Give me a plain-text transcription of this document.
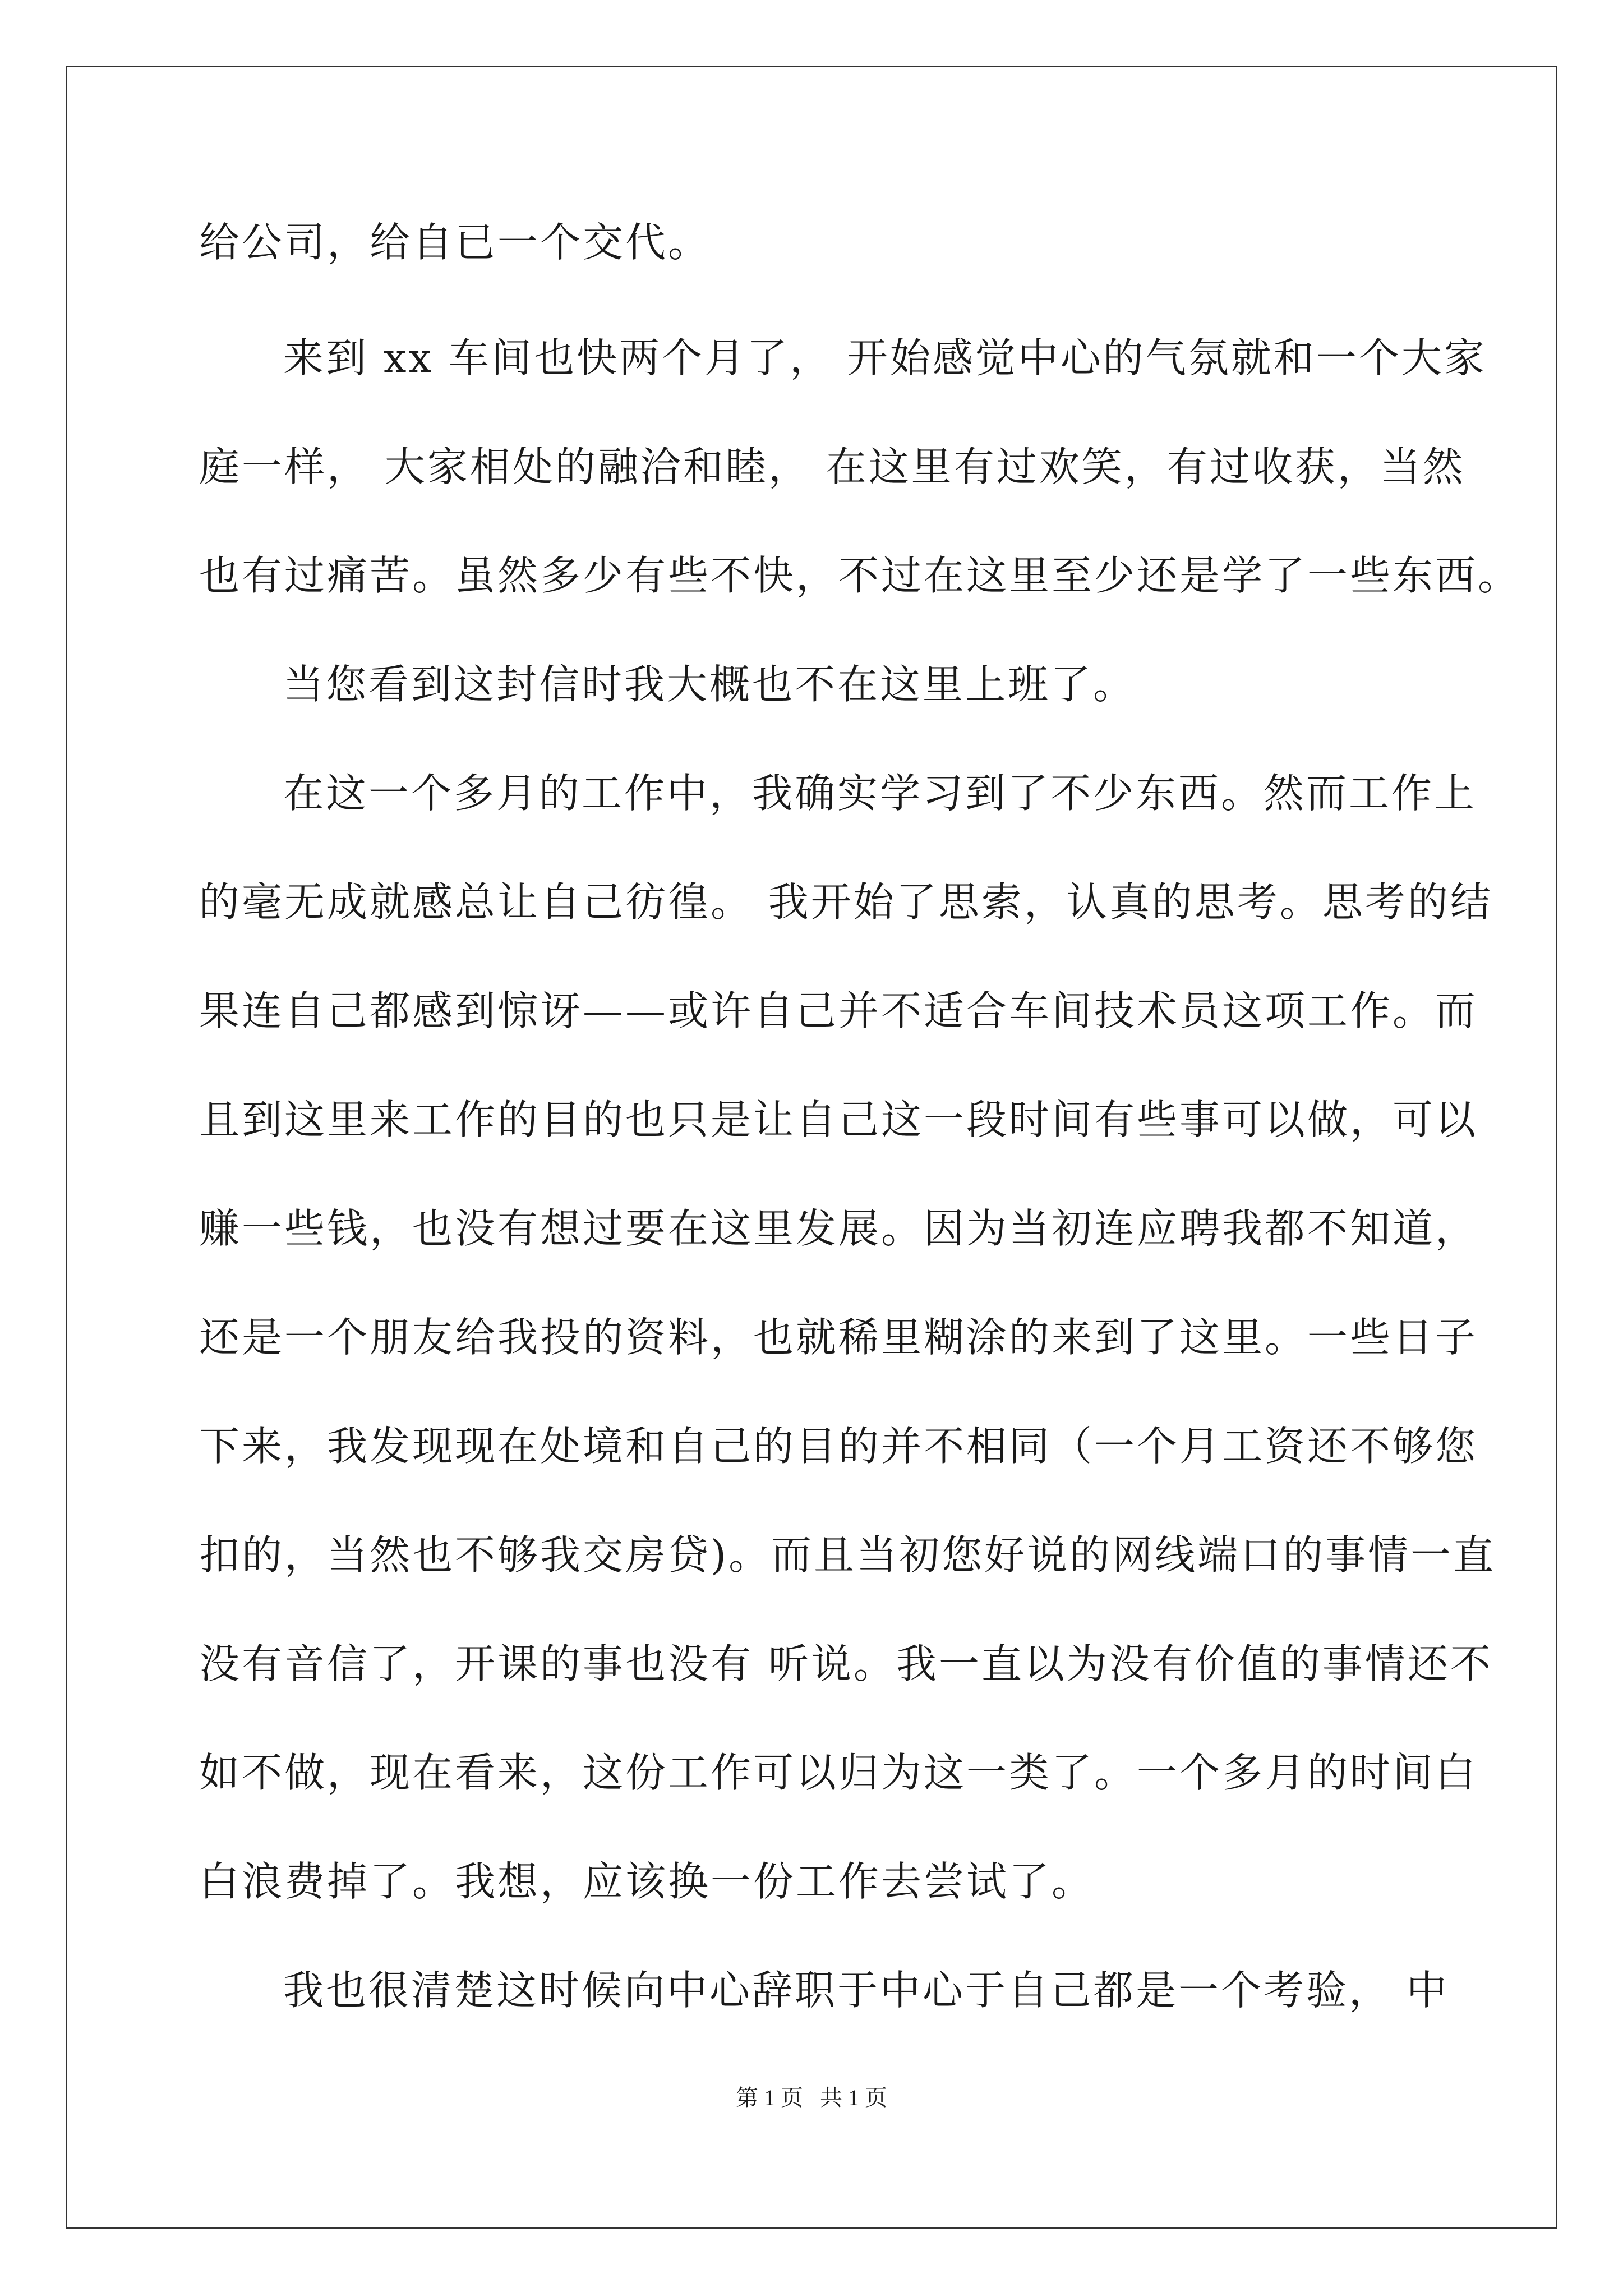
给公司，给自已一个交代。
来到 xx 车间也快两个月了， 开始感觉中心的气氛就和一个大家
庭一样， 大家相处的融洽和睦， 在这里有过欢笑，有过收获，当然
也有过痛苦。虽然多少有些不快，不过在这里至少还是学了一些东西。
当您看到这封信时我大概也不在这里上班了。
在这一个多月的工作中，我确实学习到了不少东西。然而工作上
的毫无成就感总让自己彷徨。 我开始了思索，认真的思考。思考的结
果连自己都感到惊讶——或许自己并不适合车间技术员这项工作。而
且到这里来工作的目的也只是让自己这一段时间有些事可以做，可以
赚一些钱，也没有想过要在这里发展。因为当初连应聘我都不知道，
还是一个朋友给我投的资料，也就稀里糊涂的来到了这里。一些日子
下来，我发现现在处境和自己的目的并不相同（一个月工资还不够您
扣的，当然也不够我交房贷)。而且当初您好说的网线端口的事情一直
没有音信了，开课的事也没有 听说。我一直以为没有价值的事情还不
如不做，现在看来，这份工作可以归为这一类了。一个多月的时间白
白浪费掉了。我想，应该换一份工作去尝试了。
我也很清楚这时候向中心辞职于中心于自己都是一个考验， 中
第 1 页   共 1 页
